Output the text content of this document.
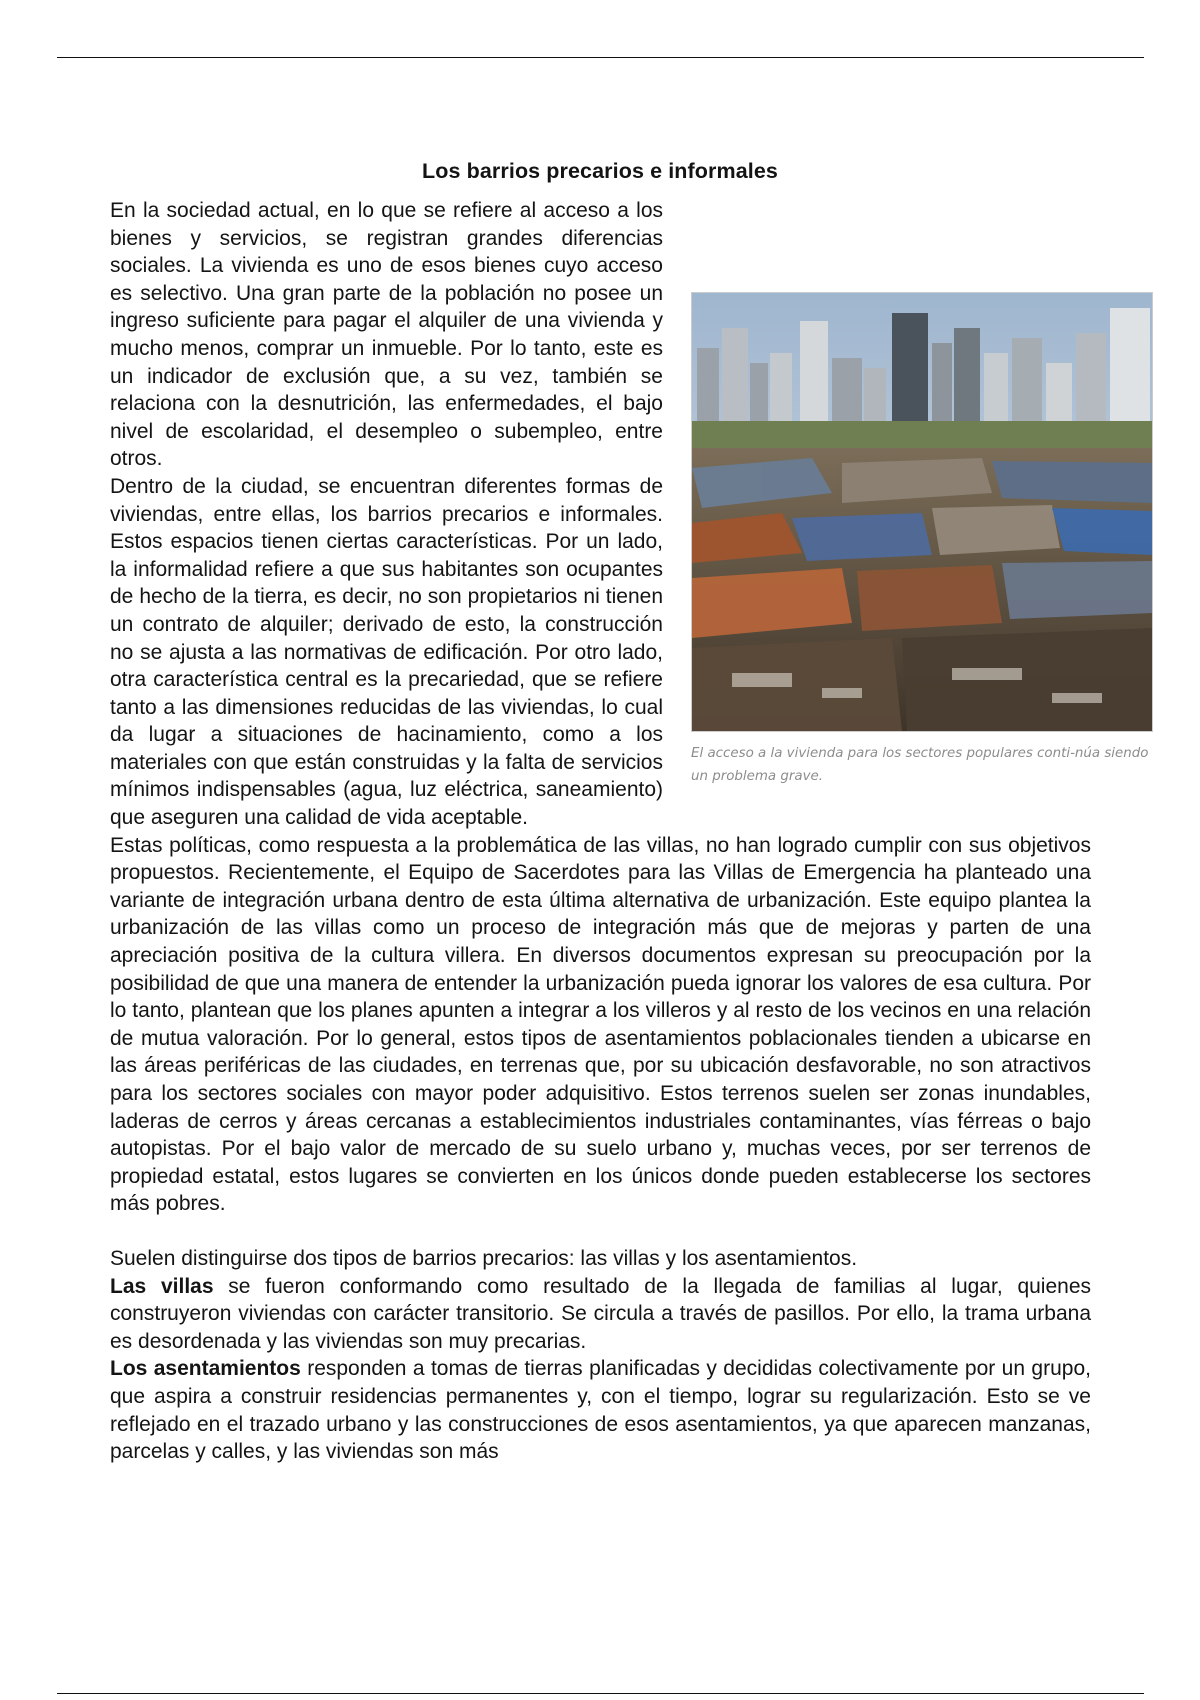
Los barrios precarios e informales
El acceso a la vivienda para los sectores populares conti-núa siendo un problema grave.

En la sociedad actual, en lo que se refiere al acceso a los bienes y servicios, se registran grandes diferencias sociales. La vivienda es uno de esos bienes cuyo acceso es selectivo. Una gran parte de la población no posee un ingreso suficiente para pagar el alquiler de una vivienda y mucho menos, comprar un inmueble. Por lo tanto, este es un indicador de exclusión que, a su vez, también se relaciona con la desnutrición, las enfermedades, el bajo nivel de escolaridad, el desempleo o subempleo, entre otros.

Dentro de la ciudad, se encuentran diferentes formas de viviendas, entre ellas, los barrios precarios e informales. Estos espacios tienen ciertas características. Por un lado, la informalidad refiere a que sus habitantes son ocupantes de hecho de la tierra, es decir, no son propietarios ni tienen un contrato de alquiler; derivado de esto, la construcción no se ajusta a las normativas de edificación. Por otro lado, otra característica central es la precariedad, que se refiere tanto a las dimensiones reducidas de las viviendas, lo cual da lugar a situaciones de hacinamiento, como a los materiales con que están construidas y la falta de servicios mínimos indispensables (agua, luz eléctrica, saneamiento) que aseguren una calidad de vida aceptable.

Estas políticas, como respuesta a la problemática de las villas, no han logrado cumplir con sus objetivos propuestos. Recientemente, el Equipo de Sacerdotes para las Villas de Emergencia ha planteado una variante de integración urbana dentro de esta última alternativa de urbanización. Este equipo plantea la urbanización de las villas como un proceso de integración más que de mejoras y parten de una apreciación positiva de la cultura villera. En diversos documentos expresan su preocupación por la posibilidad de que una manera de entender la urbanización pueda ignorar los valores de esa cultura. Por lo tanto, plantean que los planes apunten a integrar a los villeros y al resto de los vecinos en una relación de mutua valoración. Por lo general, estos tipos de asentamientos poblacionales tienden a ubicarse en las áreas periféricas de las ciudades, en terrenas que, por su ubicación desfavorable, no son atractivos para los sectores sociales con mayor poder adquisitivo. Estos terrenos suelen ser zonas inundables, laderas de cerros y áreas cercanas a establecimientos industriales contaminantes, vías férreas o bajo autopistas. Por el bajo valor de mercado de su suelo urbano y, muchas veces, por ser terrenos de propiedad estatal, estos lugares se convierten en los únicos donde pueden establecerse los sectores más pobres.

Suelen distinguirse dos tipos de barrios precarios: las villas y los asentamientos.

Las villas se fueron conformando como resultado de la llegada de familias al lugar, quienes construyeron viviendas con carácter transitorio. Se circula a través de pasillos. Por ello, la trama urbana es desordenada y las viviendas son muy precarias.

Los asentamientos responden a tomas de tierras planificadas y decididas colectivamente por un grupo, que aspira a construir residencias permanentes y, con el tiempo, lograr su regularización. Esto se ve reflejado en el trazado urbano y las construcciones de esos asentamientos, ya que aparecen manzanas, parcelas y calles, y las viviendas son más
